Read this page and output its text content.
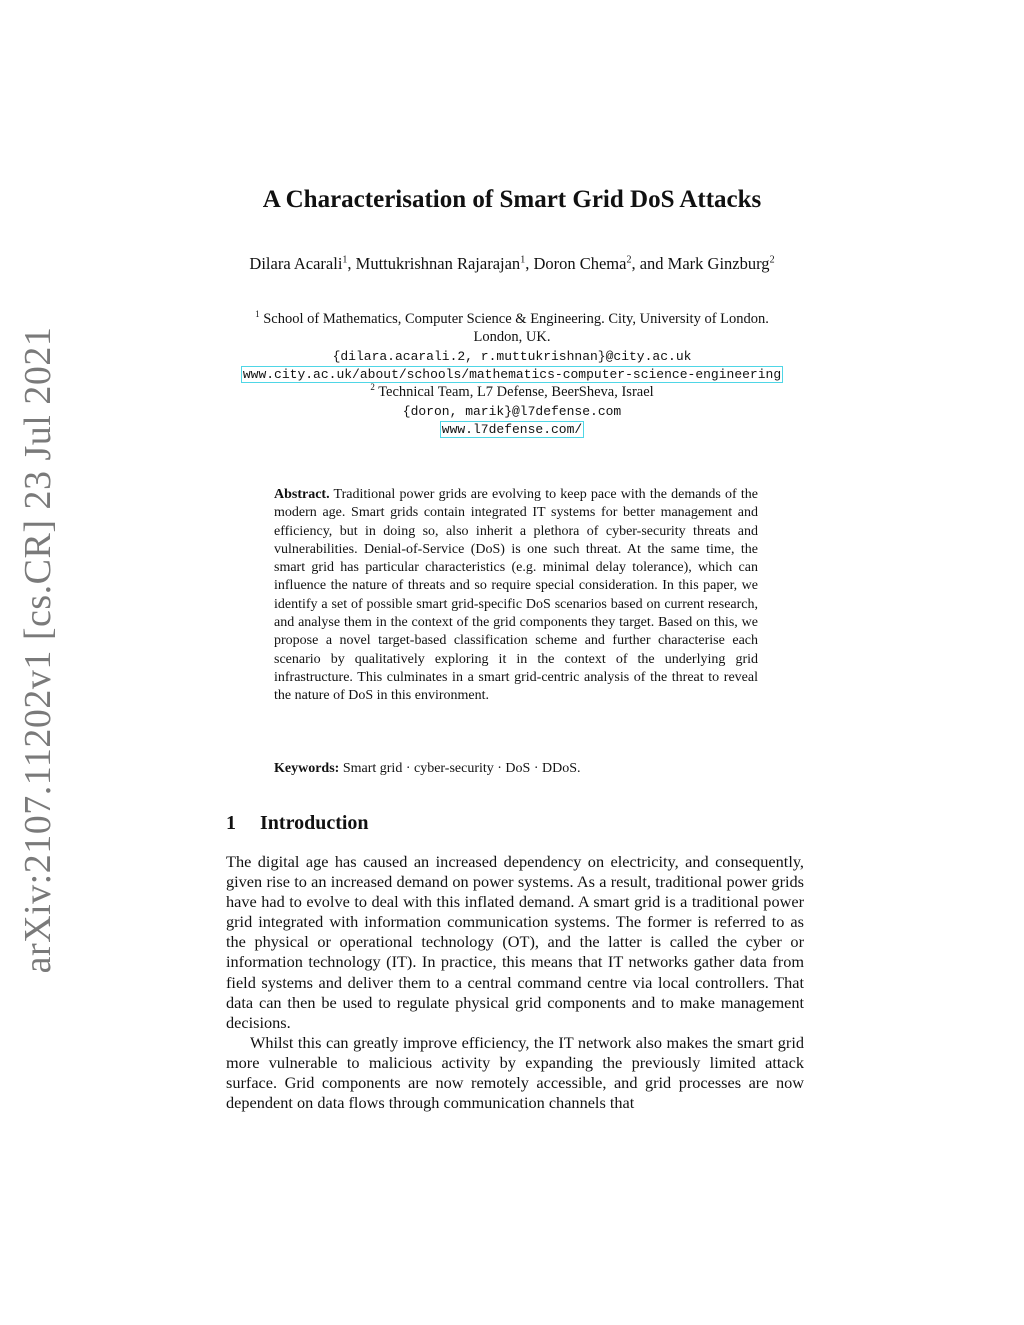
arXiv:2107.11202v1 [cs.CR] 23 Jul 2021
A Characterisation of Smart Grid DoS Attacks
Dilara Acarali$^1$, Muttukrishnan Rajarajan$^1$, Doron Chema$^2$, and Mark Ginzburg$^2$
$^1$ School of Mathematics, Computer Science & Engineering. City, University of London. London, UK.
{dilara.acarali.2, r.muttukrishnan}@city.ac.uk
www.city.ac.uk/about/schools/mathematics-computer-science-engineering
$^2$ Technical Team, L7 Defense, BeerSheva, Israel
{doron, marik}@l7defense.com
www.l7defense.com/
Abstract. Traditional power grids are evolving to keep pace with the demands of the modern age. Smart grids contain integrated IT systems for better management and efficiency, but in doing so, also inherit a plethora of cyber-security threats and vulnerabilities. Denial-of-Service (DoS) is one such threat. At the same time, the smart grid has particular characteristics (e.g. minimal delay tolerance), which can influence the nature of threats and so require special consideration. In this paper, we identify a set of possible smart grid-specific DoS scenarios based on current research, and analyse them in the context of the grid components they target. Based on this, we propose a novel target-based classification scheme and further characterise each scenario by qualitatively exploring it in the context of the underlying grid infrastructure. This culminates in a smart grid-centric analysis of the threat to reveal the nature of DoS in this environment.
Keywords: Smart grid · cyber-security · DoS · DDoS.
1 Introduction

The digital age has caused an increased dependency on electricity, and consequently, given rise to an increased demand on power systems. As a result, traditional power grids have had to evolve to deal with this inflated demand. A smart grid is a traditional power grid integrated with information communication systems. The former is referred to as the physical or operational technology (OT), and the latter is called the cyber or information technology (IT). In practice, this means that IT networks gather data from field systems and deliver them to a central command centre via local controllers. That data can then be used to regulate physical grid components and to make management decisions.

Whilst this can greatly improve efficiency, the IT network also makes the smart grid more vulnerable to malicious activity by expanding the previously limited attack surface. Grid components are now remotely accessible, and grid processes are now dependent on data flows through communication channels that
